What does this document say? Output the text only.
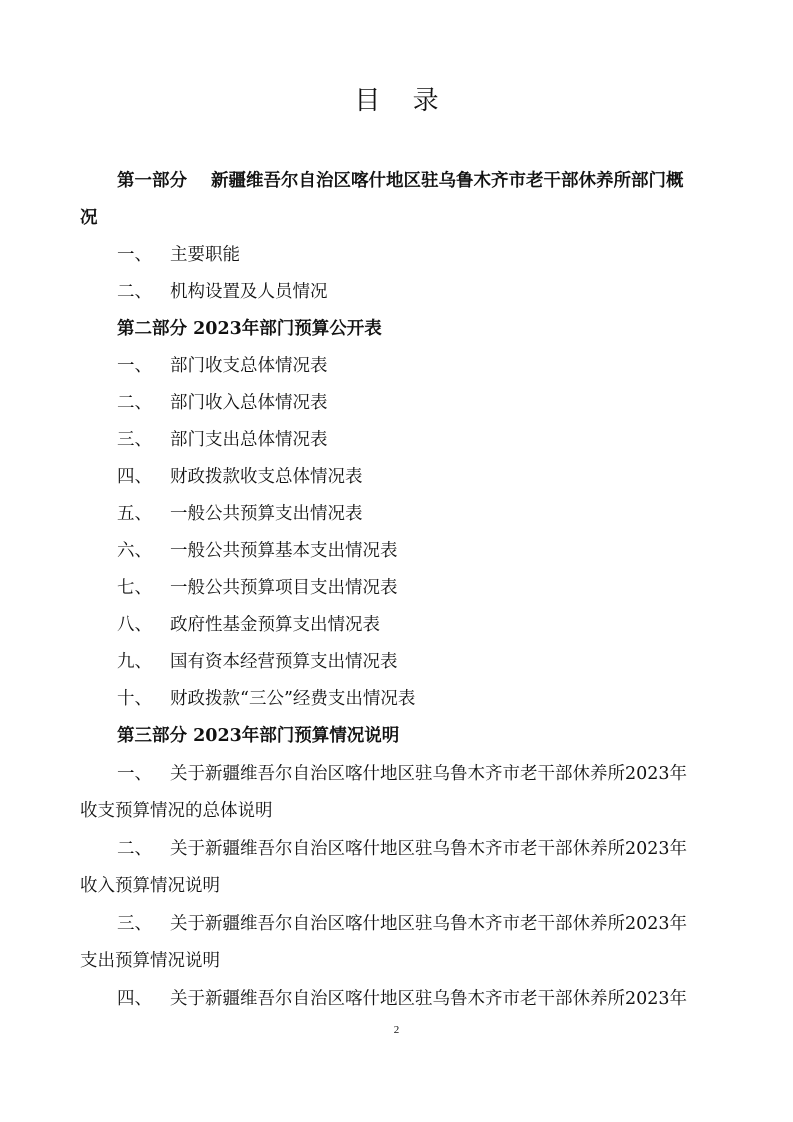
目 录
第一部分 新疆维吾尔自治区喀什地区驻乌鲁木齐市老干部休养所部门概
况
一、 主要职能
二、 机构设置及人员情况
第二部分 2023年部门预算公开表
一、 部门收支总体情况表
二、 部门收入总体情况表
三、 部门支出总体情况表
四、 财政拨款收支总体情况表
五、 一般公共预算支出情况表
六、 一般公共预算基本支出情况表
七、 一般公共预算项目支出情况表
八、 政府性基金预算支出情况表
九、 国有资本经营预算支出情况表
十、 财政拨款“三公”经费支出情况表
第三部分 2023年部门预算情况说明
一、 关于新疆维吾尔自治区喀什地区驻乌鲁木齐市老干部休养所2023年
收支预算情况的总体说明
二、 关于新疆维吾尔自治区喀什地区驻乌鲁木齐市老干部休养所2023年
收入预算情况说明
三、 关于新疆维吾尔自治区喀什地区驻乌鲁木齐市老干部休养所2023年
支出预算情况说明
四、 关于新疆维吾尔自治区喀什地区驻乌鲁木齐市老干部休养所2023年
2
